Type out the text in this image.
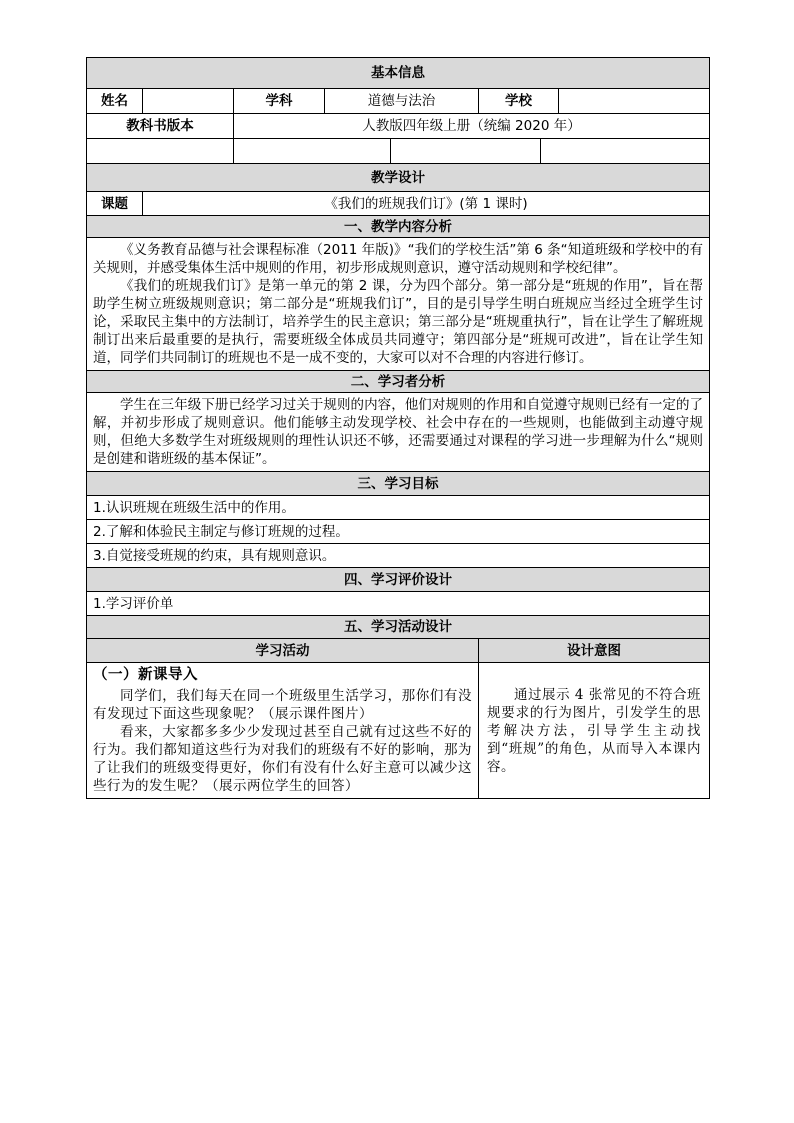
基本信息							
姓名		学科	道德与法治		学校		
教科书版本		人教版四年级上册（统编 2020 年）					

教学设计							
课题	《我们的班规我们订》(第 1 课时)						
一、教学内容分析							

《义务教育品德与社会课程标准（2011 年版)》“我们的学校生活”第 6 条“知道班级和学校中的有关规则，并感受集体生活中规则的作用，初步形成规则意识，遵守活动规则和学校纪律”。

《我们的班规我们订》是第一单元的第 2 课，分为四个部分。第一部分是“班规的作用”，旨在帮助学生树立班级规则意识；第二部分是“班规我们订”，目的是引导学生明白班规应当经过全班学生讨论，采取民主集中的方法制订，培养学生的民主意识；第三部分是“班规重执行”，旨在让学生了解班规制订出来后最重要的是执行，需要班级全体成员共同遵守；第四部分是“班规可改进”，旨在让学生知道，同学们共同制订的班规也不是一成不变的，大家可以对不合理的内容进行修订。							

二、学习者分析							

学生在三年级下册已经学习过关于规则的内容，他们对规则的作用和自觉遵守规则已经有一定的了解，并初步形成了规则意识。他们能够主动发现学校、社会中存在的一些规则，也能做到主动遵守规则，但绝大多数学生对班级规则的理性认识还不够，还需要通过对课程的学习进一步理解为什么“规则是创建和谐班级的基本保证”。							

三、学习目标							
1.认识班规在班级生活中的作用。							
2.了解和体验民主制定与修订班规的过程。							
3.自觉接受班规的约束，具有规则意识。							
四、学习评价设计							
1.学习评价单							
五、学习活动设计							
学习活动					设计意图		

（一）新课导入

同学们，我们每天在同一个班级里生活学习，那你们有没有发现过下面这些现象呢？（展示课件图片）

看来，大家都多多少少发现过甚至自己就有过这些不好的行为。我们都知道这些行为对我们的班级有不好的影响，那为了让我们的班级变得更好，你们有没有什么好主意可以减少这些行为的发生呢？（展示两位学生的回答）					通过展示 4 张常见的不符合班规要求的行为图片，引发学生的思考解决方法，引导学生主动找到“班规”的角色，从而导入本课内容。		
